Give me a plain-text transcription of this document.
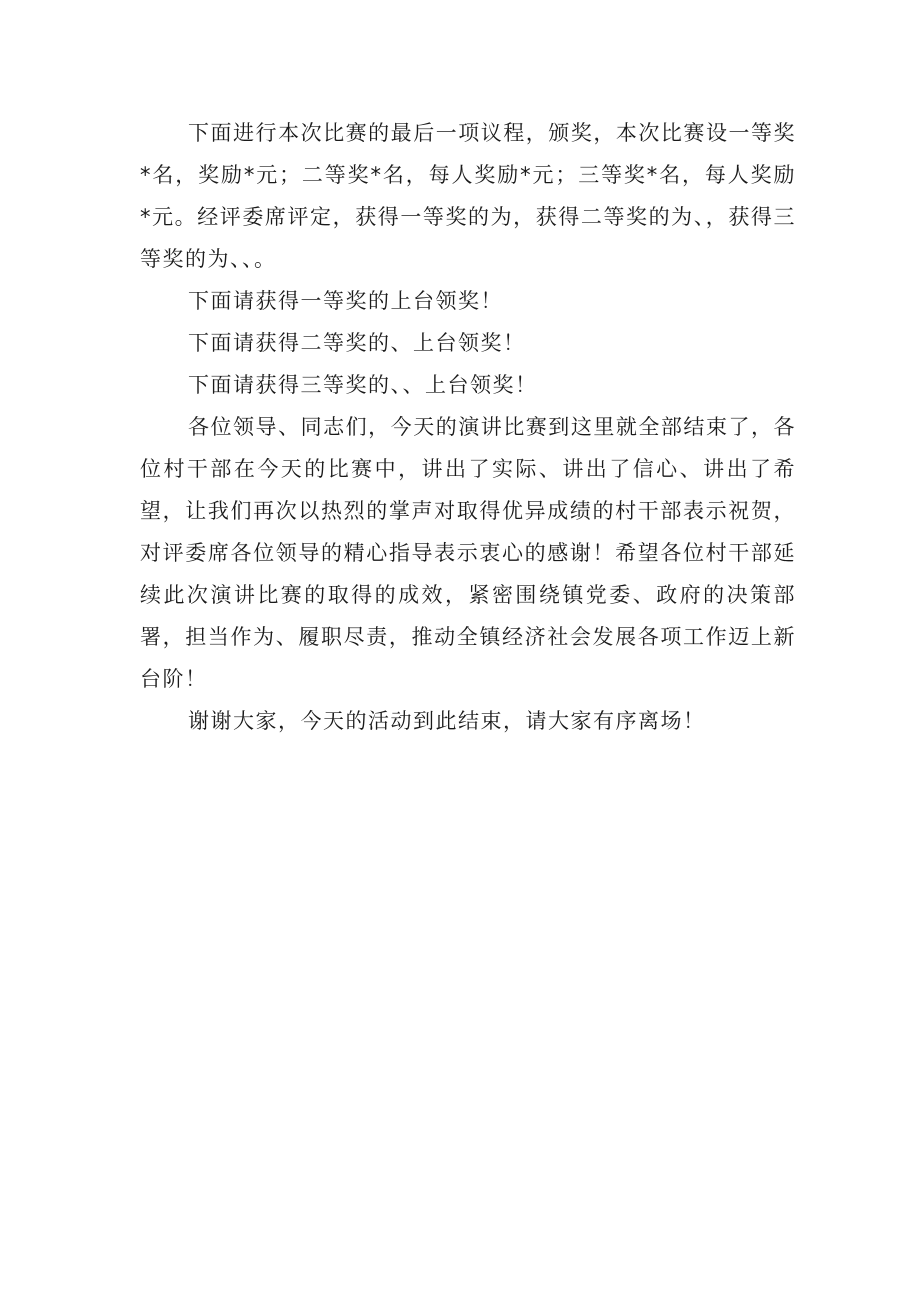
下面进行本次比赛的最后一项议程，颁奖，本次比赛设一等奖*名，奖励*元；二等奖*名，每人奖励*元；三等奖*名，每人奖励*元。经评委席评定，获得一等奖的为，获得二等奖的为、，获得三等奖的为、、。

下面请获得一等奖的上台领奖！

下面请获得二等奖的、上台领奖！

下面请获得三等奖的、、上台领奖！

各位领导、同志们，今天的演讲比赛到这里就全部结束了，各位村干部在今天的比赛中，讲出了实际、讲出了信心、讲出了希望，让我们再次以热烈的掌声对取得优异成绩的村干部表示祝贺，对评委席各位领导的精心指导表示衷心的感谢！希望各位村干部延续此次演讲比赛的取得的成效，紧密围绕镇党委、政府的决策部署，担当作为、履职尽责，推动全镇经济社会发展各项工作迈上新台阶！

谢谢大家，今天的活动到此结束，请大家有序离场！
